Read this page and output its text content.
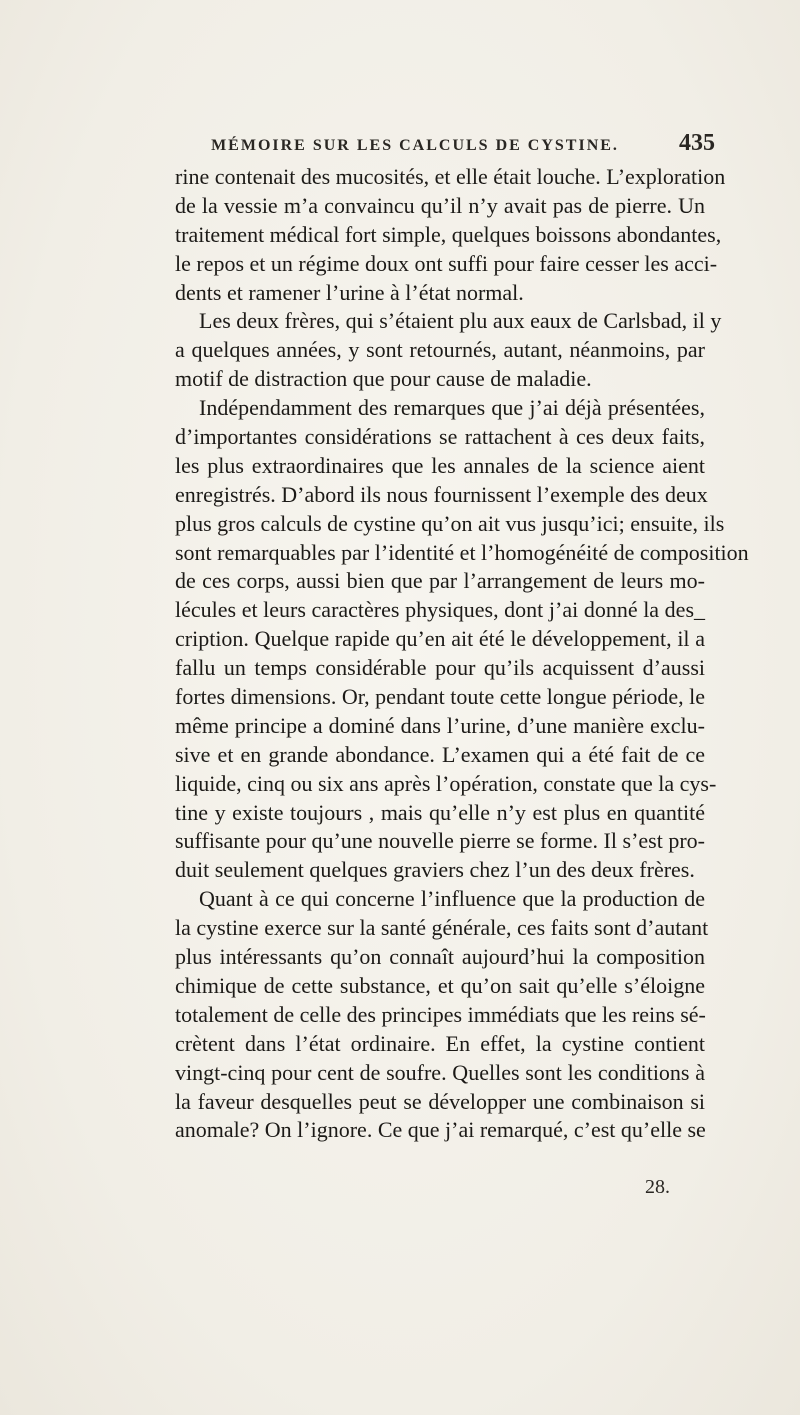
MÉMOIRE SUR LES CALCULS DE CYSTINE.	435
rine contenait des mucosités, et elle était louche. L’exploration
de la vessie m’a convaincu qu’il n’y avait pas de pierre. Un
traitement médical fort simple, quelques boissons abondantes,
le repos et un régime doux ont suffi pour faire cesser les acci-
dents et ramener l’urine à l’état normal.
Les deux frères, qui s’étaient plu aux eaux de Carlsbad, il y
a quelques années, y sont retournés, autant, néanmoins, par
motif de distraction que pour cause de maladie.
Indépendamment des remarques que j’ai déjà présentées,
d’importantes considérations se rattachent à ces deux faits,
les plus extraordinaires que les annales de la science aient
enregistrés. D’abord ils nous fournissent l’exemple des deux
plus gros calculs de cystine qu’on ait vus jusqu’ici; ensuite, ils
sont remarquables par l’identité et l’homogénéité de composition
de ces corps, aussi bien que par l’arrangement de leurs mo-
lécules et leurs caractères physiques, dont j’ai donné la des_
cription. Quelque rapide qu’en ait été le développement, il a
fallu un temps considérable pour qu’ils acquissent d’aussi
fortes dimensions. Or, pendant toute cette longue période, le
même principe a dominé dans l’urine, d’une manière exclu-
sive et en grande abondance. L’examen qui a été fait de ce
liquide, cinq ou six ans après l’opération, constate que la cys-
tine y existe toujours , mais qu’elle n’y est plus en quantité
suffisante pour qu’une nouvelle pierre se forme. Il s’est pro-
duit seulement quelques graviers chez l’un des deux frères.
Quant à ce qui concerne l’influence que la production de
la cystine exerce sur la santé générale, ces faits sont d’autant
plus intéressants qu’on connaît aujourd’hui la composition
chimique de cette substance, et qu’on sait qu’elle s’éloigne
totalement de celle des principes immédiats que les reins sé-
crètent dans l’état ordinaire. En effet, la cystine contient
vingt-cinq pour cent de soufre. Quelles sont les conditions à
la faveur desquelles peut se développer une combinaison si
anomale? On l’ignore. Ce que j’ai remarqué, c’est qu’elle se
28.
